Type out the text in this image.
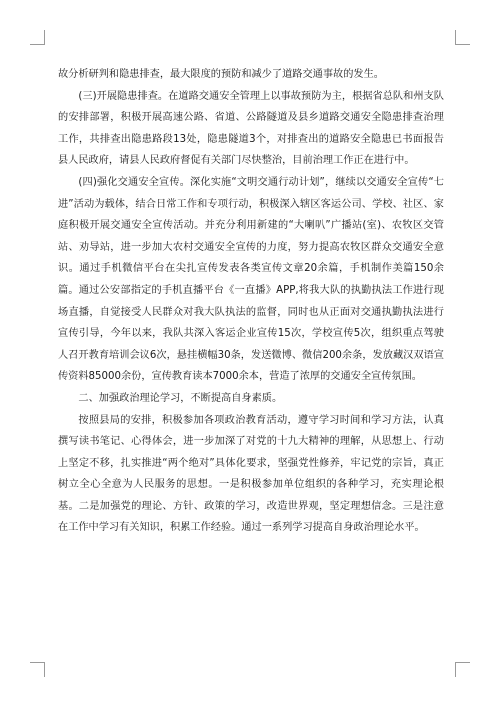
故分析研判和隐患排查，最大限度的预防和减少了道路交通事故的发生。

(三)开展隐患排查。在道路交通安全管理上以事故预防为主，根据省总队和州支队的安排部署，积极开展高速公路、省道、公路隧道及县乡道路交通安全隐患排查治理工作，共排查出隐患路段13处，隐患隧道3个，对排查出的道路安全隐患已书面报告县人民政府，请县人民政府督促有关部门尽快整治，目前治理工作正在进行中。

(四)强化交通安全宣传。深化实施“文明交通行动计划”，继续以交通安全宣传“七进”活动为载体，结合日常工作和专项行动，积极深入辖区客运公司、学校、社区、家庭积极开展交通安全宣传活动。并充分利用新建的“大喇叭”广播站(室)、农牧区交管站、劝导站，进一步加大农村交通安全宣传的力度，努力提高农牧区群众交通安全意识。通过手机微信平台在尖扎宣传发表各类宣传文章20余篇，手机制作美篇150余篇。通过公安部指定的手机直播平台《一直播》APP,将我大队的执勤执法工作进行现场直播，自觉接受人民群众对我大队执法的监督，同时也从正面对交通执勤执法进行宣传引导，今年以来，我队共深入客运企业宣传15次，学校宣传5次，组织重点驾驶人召开教育培训会议6次，悬挂横幅30条，发送微博、微信200余条，发放藏汉双语宣传资料85000余份，宣传教育读本7000余本，营造了浓厚的交通安全宣传氛围。

二、加强政治理论学习，不断提高自身素质。

按照县局的安排，积极参加各项政治教育活动，遵守学习时间和学习方法，认真撰写读书笔记、心得体会，进一步加深了对党的十九大精神的理解，从思想上、行动上坚定不移，扎实推进“两个绝对”具体化要求，坚强党性修养，牢记党的宗旨，真正树立全心全意为人民服务的思想。一是积极参加单位组织的各种学习，充实理论根基。二是加强党的理论、方针、政策的学习，改造世界观，坚定理想信念。三是注意在工作中学习有关知识，积累工作经验。通过一系列学习提高自身政治理论水平。
